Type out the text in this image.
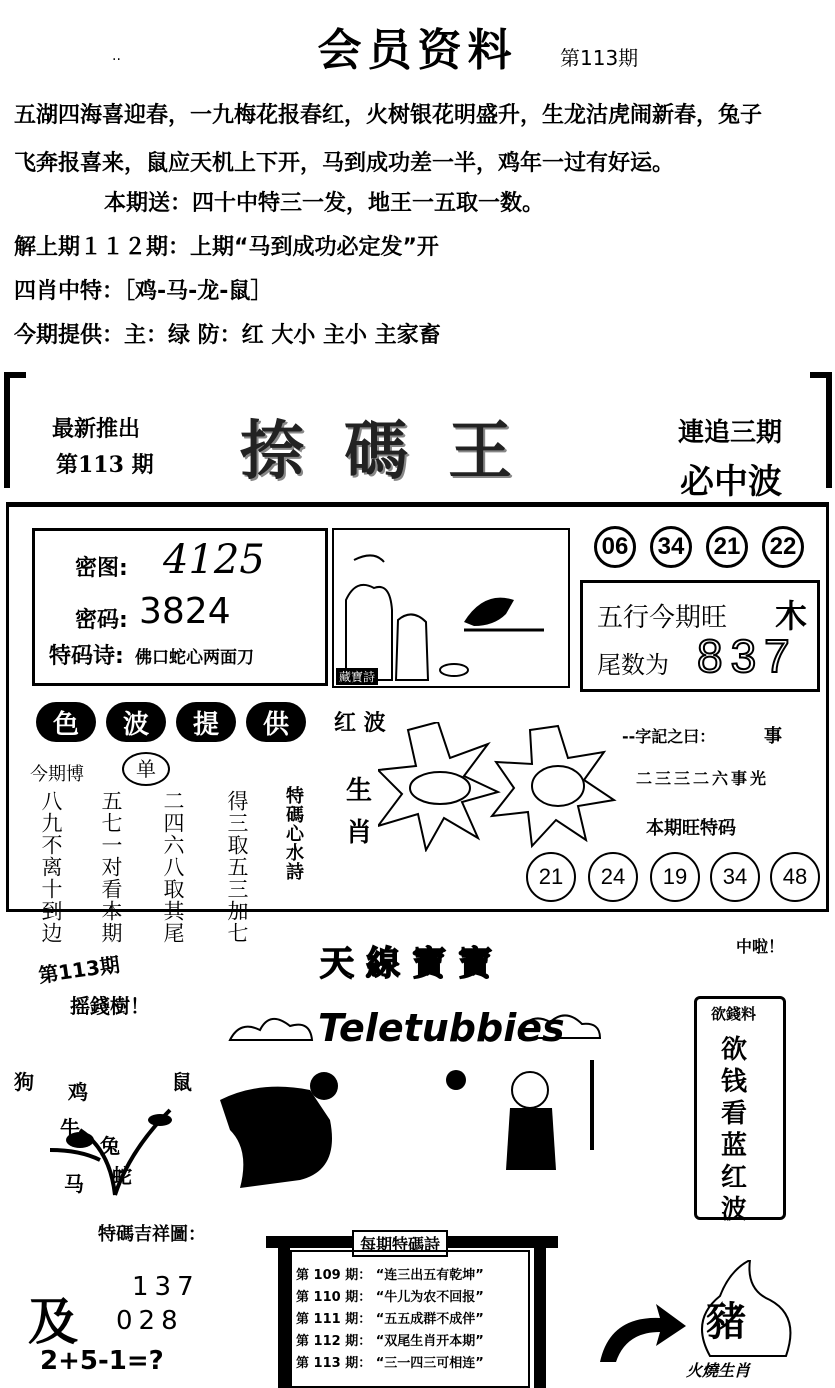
会员资料
..	第113期
五湖四海喜迎春，一九梅花报春红，火树银花明盛升，生龙沽虎闹新春，兔子
飞奔报喜来，鼠应天机上下开，马到成功差一半，鸡年一过有好运。
本期送：四十中特三一发，地王一五取一数。
解上期１１２期：上期“马到成功必定发”开
四肖中特：［鸡-马-龙-鼠］
今期提供：主：绿 防：红 大小 主小 主家畜
最新推出
第113 期 捺碼王	連追三期
必中波
密图: 4125
密码: 3824
特码诗: 佛口蛇心两面刀
藏寶詩
06	34	21	22
五行今期旺 木
尾数为 837
色	波	提	供
今期博	单
八九不离十到边 五七一对看本期 二四六八取其尾 得三取五三加七 特碼心水詩
红 波
生
肖
--字記之曰：	事
二三三二六事光
本期旺特码
21	24	19	34	48
第113期
摇錢樹！
天線寶寶
Teletubbies
中啦！
狗 鸡	鼠
牛
兔
马 蛇
欲錢料
欲
钱
看
蓝
红
波
特碼吉祥圖：
及
137
028
2+5-1=?
每期特碼詩
第 109 期： “连三出五有乾坤”
第 110 期： “牛儿为农不回报”
第 111 期： “五五成群不成伴”
第 112 期： “双尾生肖开本期”
第 113 期： “三一四三可相连”
豬
火燒生肖
